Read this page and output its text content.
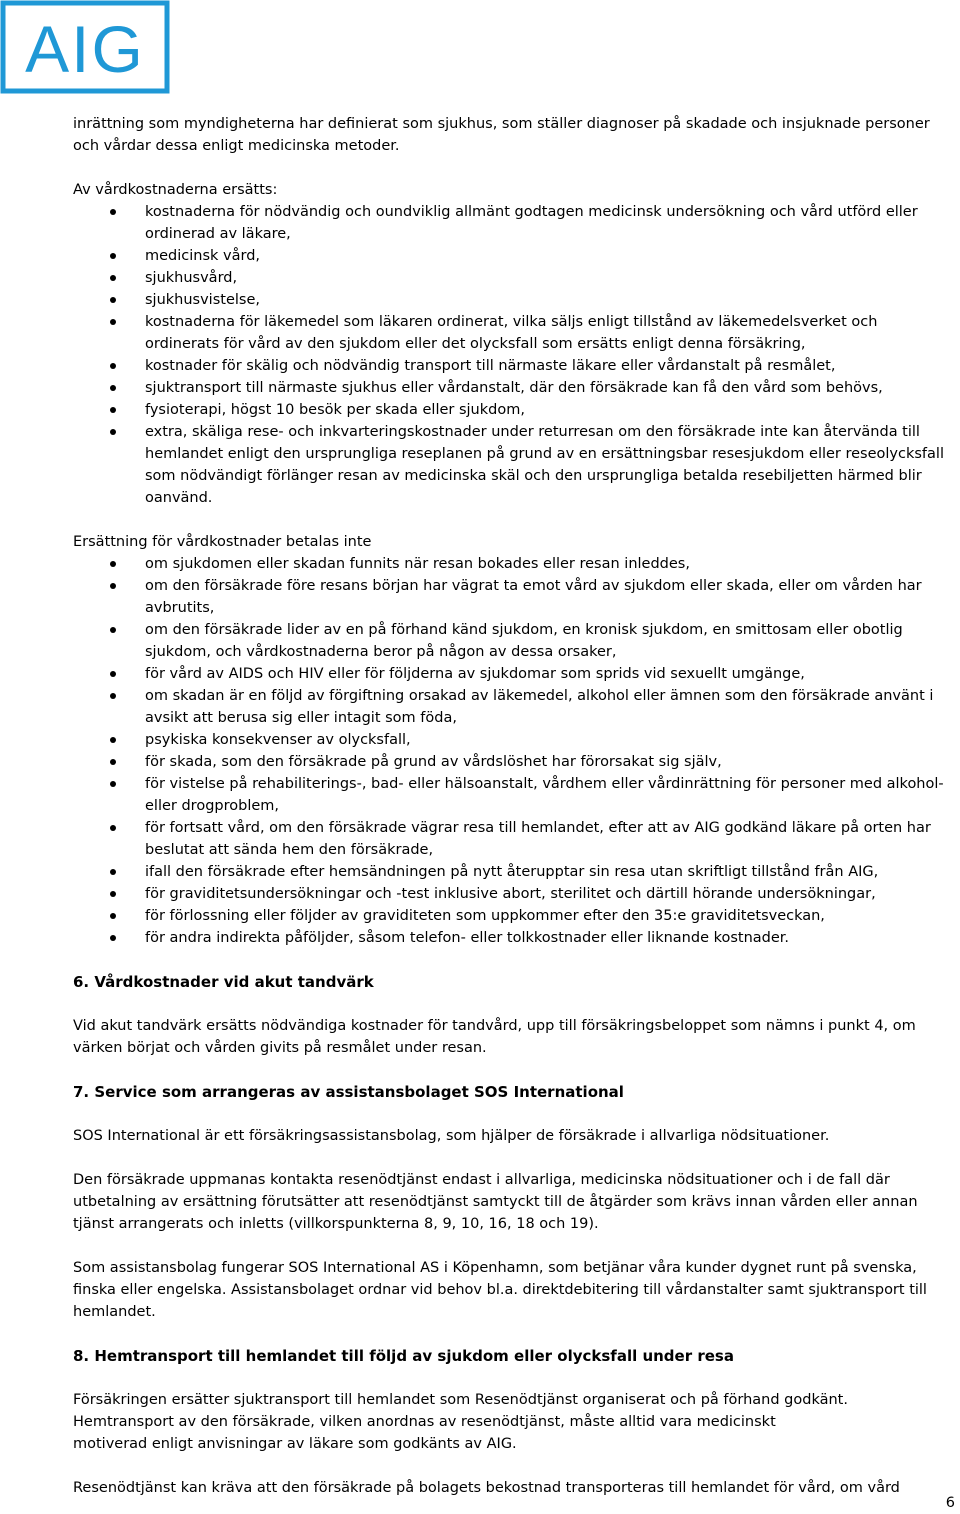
AIG

inrättning som myndigheterna har definierat som sjukhus, som ställer diagnoser på skadade och insjuknade personer och vårdar dessa enligt medicinska metoder.

Av vårdkostnaderna ersätts:

kostnaderna för nödvändig och oundviklig allmänt godtagen medicinsk undersökning och vård utförd eller ordinerad av läkare,
medicinsk vård,
sjukhusvård,
sjukhusvistelse,
kostnaderna för läkemedel som läkaren ordinerat, vilka säljs enligt tillstånd av läkemedelsverket och ordinerats för vård av den sjukdom eller det olycksfall som ersätts enligt denna försäkring,
kostnader för skälig och nödvändig transport till närmaste läkare eller vårdanstalt på resmålet,
sjuktransport till närmaste sjukhus eller vårdanstalt, där den försäkrade kan få den vård som behövs,
fysioterapi, högst 10 besök per skada eller sjukdom,
extra, skäliga rese- och inkvarteringskostnader under returresan om den försäkrade inte kan återvända till hemlandet enligt den ursprungliga reseplanen på grund av en ersättningsbar resesjukdom eller reseolycksfall som nödvändigt förlänger resan av medicinska skäl och den ursprungliga betalda resebiljetten härmed blir oanvänd.

Ersättning för vårdkostnader betalas inte

om sjukdomen eller skadan funnits när resan bokades eller resan inleddes,
om den försäkrade före resans början har vägrat ta emot vård av sjukdom eller skada, eller om vården har avbrutits,
om den försäkrade lider av en på förhand känd sjukdom, en kronisk sjukdom, en smittosam eller obotlig sjukdom, och vårdkostnaderna beror på någon av dessa orsaker,
för vård av AIDS och HIV eller för följderna av sjukdomar som sprids vid sexuellt umgänge,
om skadan är en följd av förgiftning orsakad av läkemedel, alkohol eller ämnen som den försäkrade använt i avsikt att berusa sig eller intagit som föda,
psykiska konsekvenser av olycksfall,
för skada, som den försäkrade på grund av vårdslöshet har förorsakat sig själv,
för vistelse på rehabiliterings-, bad- eller hälsoanstalt, vårdhem eller vårdinrättning för personer med alkohol- eller drogproblem,
för fortsatt vård, om den försäkrade vägrar resa till hemlandet, efter att av AIG godkänd läkare på orten har beslutat att sända hem den försäkrade,
ifall den försäkrade efter hemsändningen på nytt återupptar sin resa utan skriftligt tillstånd från AIG,
för graviditetsundersökningar och -test inklusive abort, sterilitet och därtill hörande undersökningar,
för förlossning eller följder av graviditeten som uppkommer efter den 35:e graviditetsveckan,
för andra indirekta påföljder, såsom telefon- eller tolkkostnader eller liknande kostnader.
6. Vårdkostnader vid akut tandvärk

Vid akut tandvärk ersätts nödvändiga kostnader för tandvård, upp till försäkringsbeloppet som nämns i punkt 4, om värken börjat och vården givits på resmålet under resan.

7. Service som arrangeras av assistansbolaget SOS International

SOS International är ett försäkringsassistansbolag, som hjälper de försäkrade i allvarliga nödsituationer.

Den försäkrade uppmanas kontakta resenödtjänst endast i allvarliga, medicinska nödsituationer och i de fall där utbetalning av ersättning förutsätter att resenödtjänst samtyckt till de åtgärder som krävs innan vården eller annan tjänst arrangerats och inletts (villkorspunkterna 8, 9, 10, 16, 18 och 19).

Som assistansbolag fungerar SOS International AS i Köpenhamn, som betjänar våra kunder dygnet runt på svenska, finska eller engelska. Assistansbolaget ordnar vid behov bl.a. direktdebitering till vårdanstalter samt sjuktransport till hemlandet.

8. Hemtransport till hemlandet till följd av sjukdom eller olycksfall under resa

Försäkringen ersätter sjuktransport till hemlandet som Resenödtjänst organiserat och på förhand godkänt.
Hemtransport av den försäkrade, vilken anordnas av resenödtjänst, måste alltid vara medicinskt
motiverad enligt anvisningar av läkare som godkänts av AIG.

Resenödtjänst kan kräva att den försäkrade på bolagets bekostnad transporteras till hemlandet för vård, om vård

6
